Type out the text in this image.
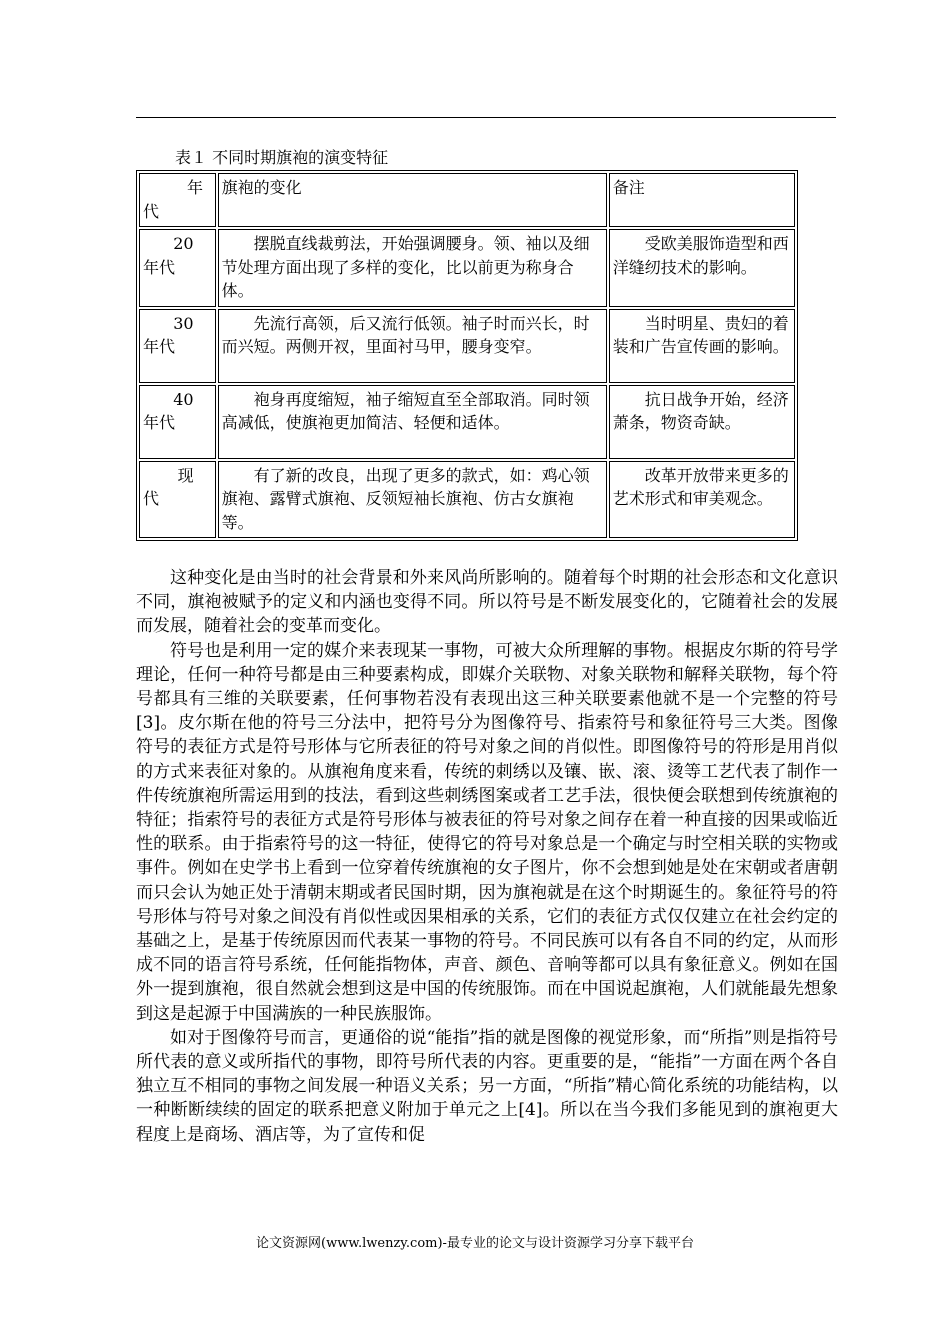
表１ 不同时期旗袍的演变特征
年
代	旗袍的变化	备注

20
年代	摆脱直线裁剪法，开始强调腰身。领、袖以及细节处理方面出现了多样的变化，比以前更为称身合体。	受欧美服饰造型和西洋缝纫技术的影响。

30
年代	先流行高领，后又流行低领。袖子时而兴长，时而兴短。两侧开衩，里面衬马甲，腰身变窄。	当时明星、贵妇的着装和广告宣传画的影响。

40
年代	袍身再度缩短，袖子缩短直至全部取消。同时领高减低，使旗袍更加简洁、轻便和适体。	抗日战争开始，经济萧条，物资奇缺。

现
代	有了新的改良，出现了更多的款式，如：鸡心领旗袍、露臂式旗袍、反领短袖长旗袍、仿古女旗袍等。	改革开放带来更多的艺术形式和审美观念。

这种变化是由当时的社会背景和外来风尚所影响的。随着每个时期的社会形态和文化意识不同，旗袍被赋予的定义和内涵也变得不同。所以符号是不断发展变化的，它随着社会的发展而发展，随着社会的变革而变化。

符号也是利用一定的媒介来表现某一事物，可被大众所理解的事物。根据皮尔斯的符号学理论，任何一种符号都是由三种要素构成，即媒介关联物、对象关联物和解释关联物，每个符号都具有三维的关联要素，任何事物若没有表现出这三种关联要素他就不是一个完整的符号[3]。皮尔斯在他的符号三分法中，把符号分为图像符号、指索符号和象征符号三大类。图像符号的表征方式是符号形体与它所表征的符号对象之间的肖似性。即图像符号的符形是用肖似的方式来表征对象的。从旗袍角度来看，传统的刺绣以及镶、嵌、滚、烫等工艺代表了制作一件传统旗袍所需运用到的技法，看到这些刺绣图案或者工艺手法，很快便会联想到传统旗袍的特征；指索符号的表征方式是符号形体与被表征的符号对象之间存在着一种直接的因果或临近性的联系。由于指索符号的这一特征，使得它的符号对象总是一个确定与时空相关联的实物或事件。例如在史学书上看到一位穿着传统旗袍的女子图片，你不会想到她是处在宋朝或者唐朝而只会认为她正处于清朝末期或者民国时期，因为旗袍就是在这个时期诞生的。象征符号的符号形体与符号对象之间没有肖似性或因果相承的关系，它们的表征方式仅仅建立在社会约定的基础之上，是基于传统原因而代表某一事物的符号。不同民族可以有各自不同的约定，从而形成不同的语言符号系统，任何能指物体，声音、颜色、音响等都可以具有象征意义。例如在国外一提到旗袍，很自然就会想到这是中国的传统服饰。而在中国说起旗袍，人们就能最先想象到这是起源于中国满族的一种民族服饰。

如对于图像符号而言，更通俗的说“能指”指的就是图像的视觉形象，而“所指”则是指符号所代表的意义或所指代的事物，即符号所代表的内容。更重要的是，“能指”一方面在两个各自独立互不相同的事物之间发展一种语义关系；另一方面，“所指”精心简化系统的功能结构，以一种断断续续的固定的联系把意义附加于单元之上[4]。所以在当今我们多能见到的旗袍更大程度上是商场、酒店等，为了宣传和促

论文资源网(www.lwenzy.com)-最专业的论文与设计资源学习分享下载平台
